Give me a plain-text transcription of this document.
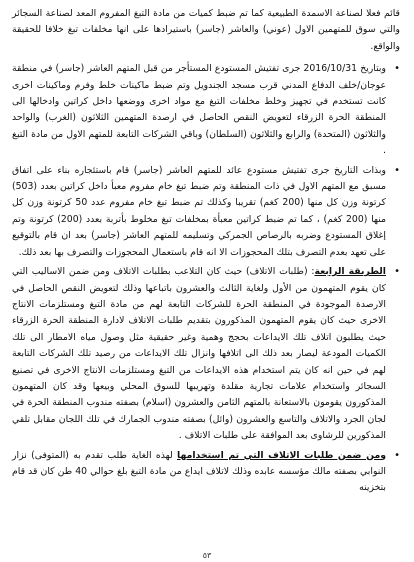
قائم فعلا لصناعة الاسمدة الطبيعية كما تم ضبط كميات من مادة التبغ المفروم المعد لصناعة السجائر والتي سوق للمتهمين الاول (عوني) والعاشر (جاسر) باستيرادها على انها مخلفات تبغ خلافا للحقيقة والواقع.
•
وبتاريخ 2016/10/31 جرى تفتيش المستودع المستأجر من قبل المتهم العاشر (جاسر) في منطقة عوجان/خلف الدفاع المدني قرب مسجد الجندويل وتم ضبط ماكينات خلط وفرم وماكينات اخرى كانت تستخدم في تجهيز وخلط مخلفات التبغ مع مواد اخرى ووضعها داخل كراتين وادخالها الى المنطقة الحرة الزرقاء لتعويض النقص الحاصل في ارصدة المتهمين الثلاثون (الغرب) والواحد والثلاثون (المتحدة) والرابع والثلاثون (السلطان) وباقي الشركات التابعة للمتهم الاول من مادة التبغ .
•
وبذات التاريخ جرى تفتيش مستودع عائد للمتهم العاشر (جاسر) قام باستئجاره بناء على اتفاق مسبق مع المتهم الاول في ذات المنطقة وتم ضبط تبغ خام مفروم معبأ داخل كراتين بعدد (503) كرتونة وزن كل منها (200 كغم) تقريبا وكذلك تم ضبط تبغ خام مفروم عدد 50 كرتونة وزن كل منها (200 كغم) ، كما تم ضبط كراتين معبأة بمخلفات تبغ مخلوط بأتربة بعدد (200) كرتونة وتم إغلاق المستودع وضربه بالرصاص الجمركي وتسليمه للمتهم العاشر (جاسر) بعد ان قام بالتوقيع على تعهد بعدم التصرف بتلك المحجوزات الا انه قام باستعمال المحجوزات والتصرف بها بعد ذلك.
•
الطريقة الرابعة: (طلبات الاتلاف) حيث كان التلاعب بطلبات الاتلاف ومن ضمن الاساليب التي كان يقوم المتهمون من الأول ولغاية الثالث والعشرون باتباعها وذلك لتعويض النقص الحاصل في الارصدة الموجودة في المنطقة الحرة للشركات التابعة لهم من مادة التبغ ومستلزمات الانتاج الاخرى حيث كان يقوم المتهمون المذكورون بتقديم طلبات الاتلاف لادارة المنطقة الحرة الزرقاء حيث يطلبون اتلاف تلك الايداعات بحجج وهمية وغير حقيقية مثل وصول مياه الامطار الى تلك الكميات المودعة ليصار بعد ذلك الى اتلافها وانزال تلك الايداعات من رصيد تلك الشركات التابعة لهم في حين انه كان يتم استخدام هذه الايداعات من التبغ ومستلزمات الانتاج الاخرى في تصنيع السجائر واستخدام علامات تجارية مقلدة وتهريبها للسوق المحلي وبيعها وقد كان المتهمون المذكورون يقومون بالاستعانة بالمتهم الثامن والعشرون (اسلام) بصفته مندوب المنطقة الحرة في لجان الجرد والاتلاف والتاسع والعشرون (وائل) بصفته مندوب الجمارك في تلك اللجان مقابل تلقي المذكورين للرشاوى بعد الموافقة على طلبات الاتلاف .
•
ومن ضمن طلبات الاتلاف التي تم استخدامها لهذه الغاية طلب تقدم به (المتوفى) نزار النوابي بصفته مالك مؤسسه عابده وذلك لاتلاف ايداع من مادة التبغ بلغ حوالي 40 طن كان قد قام بتخزينه
٥٣
